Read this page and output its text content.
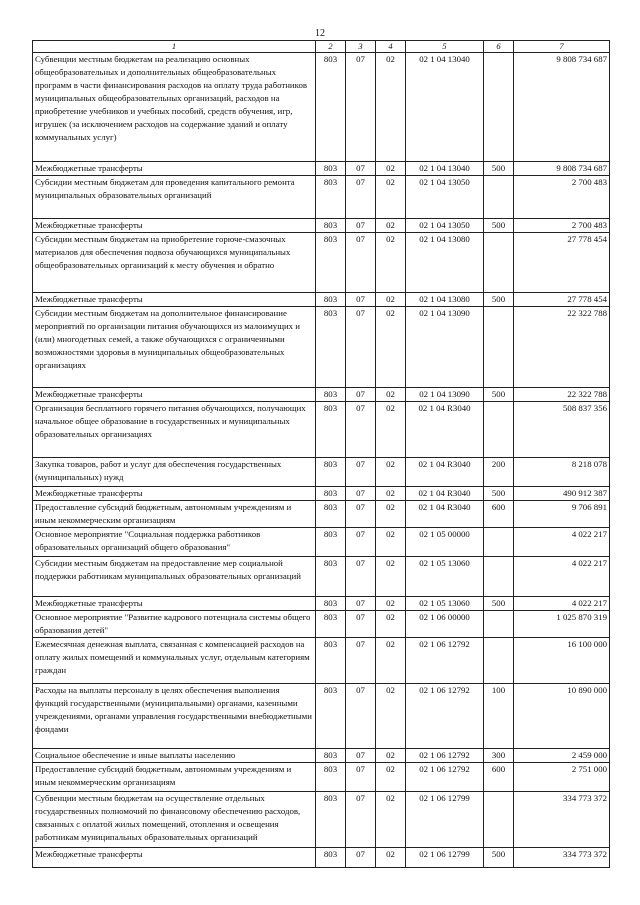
12
1	2	3	4	5	6	7
Субвенции местным бюджетам на реализацию основных общеобразовательных и дополнительных общеобразовательных программ в части финансирования расходов на оплату труда работников муниципальных общеобразовательных организаций, расходов на приобретение учебников и учебных пособий, средств обучения, игр, игрушек (за исключением расходов на содержание зданий и оплату коммунальных услуг)	803	07	02	02 1 04 13040		9 808 734 687
Межбюджетные трансферты	803	07	02	02 1 04 13040	500	9 808 734 687
Субсидии местным бюджетам для проведения капитального ремонта муниципальных образовательных организаций	803	07	02	02 1 04 13050		2 700 483
Межбюджетные трансферты	803	07	02	02 1 04 13050	500	2 700 483
Субсидии местным бюджетам на приобретение горюче-смазочных материалов для обеспечения подвоза обучающихся муниципальных общеобразовательных организаций к месту обучения и обратно	803	07	02	02 1 04 13080		27 778 454
Межбюджетные трансферты	803	07	02	02 1 04 13080	500	27 778 454
Субсидии местным бюджетам на дополнительное финансирование мероприятий по организации питания обучающихся из малоимущих и (или) многодетных семей, а также обучающихся с ограниченными возможностями здоровья в муниципальных общеобразовательных организациях	803	07	02	02 1 04 13090		22 322 788
Межбюджетные трансферты	803	07	02	02 1 04 13090	500	22 322 788
Организация бесплатного горячего питания обучающихся, получающих начальное общее образование в государственных и муниципальных образовательных организациях	803	07	02	02 1 04 R3040		508 837 356
Закупка товаров, работ и услуг для обеспечения государственных (муниципальных) нужд	803	07	02	02 1 04 R3040	200	8 218 078
Межбюджетные трансферты	803	07	02	02 1 04 R3040	500	490 912 387
Предоставление субсидий бюджетным, автономным учреждениям и иным некоммерческим организациям	803	07	02	02 1 04 R3040	600	9 706 891
Основное мероприятие "Социальная поддержка работников образовательных организаций общего образования"	803	07	02	02 1 05 00000		4 022 217
Субсидии местным бюджетам на предоставление мер социальной поддержки работникам муниципальных образовательных организаций	803	07	02	02 1 05 13060		4 022 217
Межбюджетные трансферты	803	07	02	02 1 05 13060	500	4 022 217
Основное мероприятие "Развитие кадрового потенциала системы общего образования детей"	803	07	02	02 1 06 00000		1 025 870 319
Ежемесячная денежная выплата, связанная с компенсацией расходов на оплату жилых помещений и коммунальных услуг, отдельным категориям граждан	803	07	02	02 1 06 12792		16 100 000
Расходы на выплаты персоналу в целях обеспечения выполнения функций государственными (муниципальными) органами, казенными учреждениями, органами управления государственными внебюджетными фондами	803	07	02	02 1 06 12792	100	10 890 000
Социальное обеспечение и иные выплаты населению	803	07	02	02 1 06 12792	300	2 459 000
Предоставление субсидий бюджетным, автономным учреждениям и иным некоммерческим организациям	803	07	02	02 1 06 12792	600	2 751 000
Субвенции местным бюджетам на осуществление отдельных государственных полномочий по финансовому обеспечению расходов, связанных с оплатой жилых помещений, отопления и освещения работникам муниципальных образовательных организаций	803	07	02	02 1 06 12799		334 773 372
Межбюджетные трансферты	803	07	02	02 1 06 12799	500	334 773 372
